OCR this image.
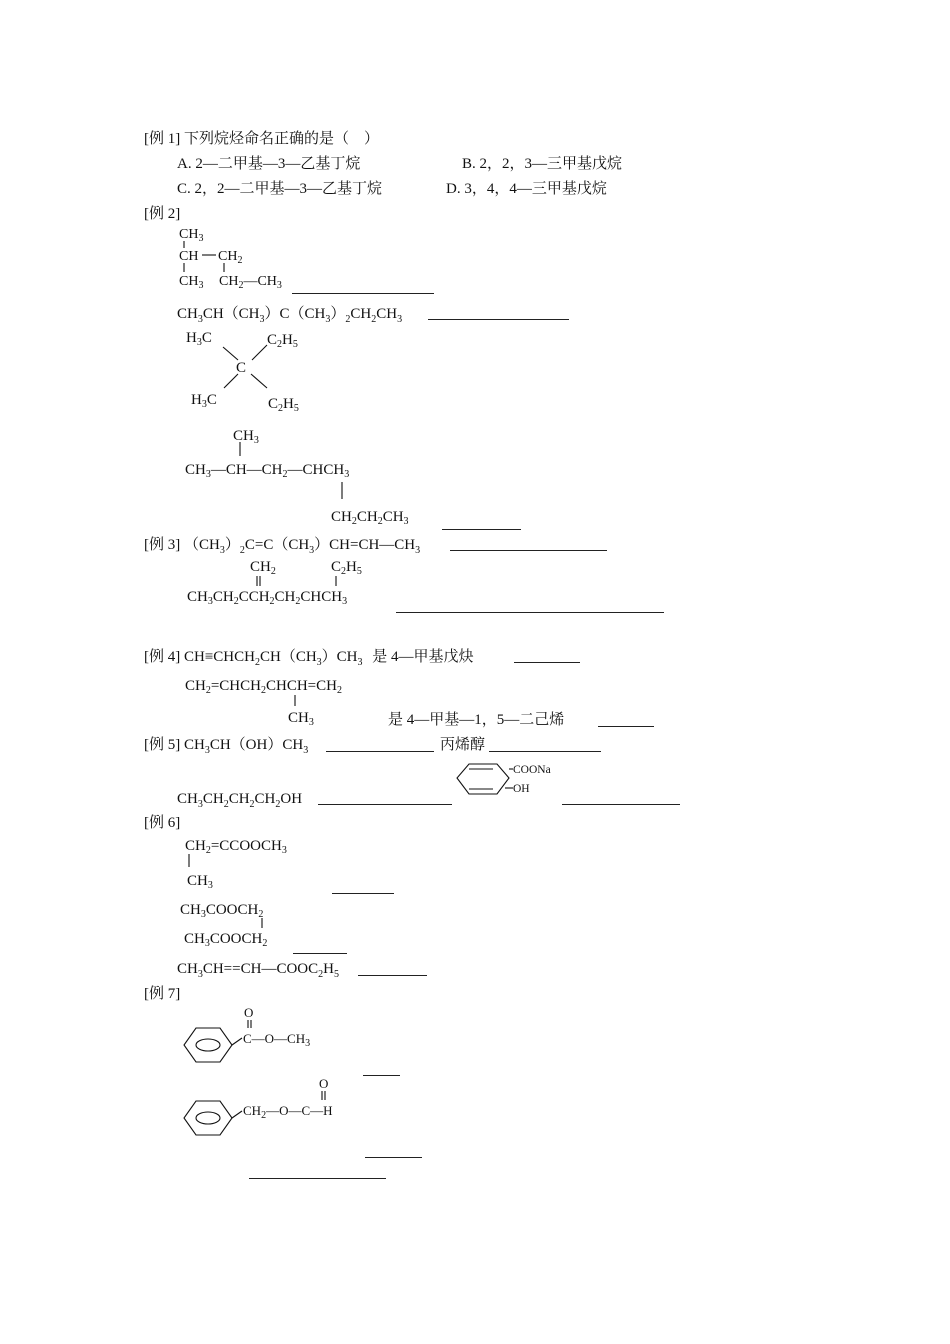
[例 1] 下列烷烃命名正确的是（　）
A. 2—二甲基—3—乙基丁烷	B. 2，2，3—三甲基戊烷
C. 2，2—二甲基—3—乙基丁烷	D. 3，4，4—三甲基戊烷
[例 2]
$CH_3$
CH $CH_2$
$CH_3$ $CH_2—CH_3$
$CH_3CH(CH_3)C(CH_3)_2CH_2CH_3$
$H_3C$	$C_2H_5$
C
$H_3C$	$C_2H_5$
$CH_3$
$CH_3—CH—CH_2—CHCH_3$
$CH_2CH_2CH_3$
[例 3] $(CH_3)_2C=C(CH_3)CH=CH—CH_3$
$CH_2$	$C_2H_5$
$CH_3CH_2CCH_2CH_2CHCH_3$
[例 4] $CH\equiv CHCH_2CH(CH_3)CH_3$ 是 4—甲基戊炔
$CH_2=CHCH_2CHCH=CH_2$
$CH_3$	是 4—甲基—1，5—二己烯
[例 5] $CH_3CH(OH)CH_3$	丙烯醇
COONa
OH
$CH_3CH_2CH_2CH_2OH$
[例 6]
$CH_2=CCOOCH_3$
$CH_3$
$CH_3COOCH_2$
$CH_3COOCH_2$
$CH_3CH==CH—COOC_2H_5$
[例 7]
O
$C—O—CH_3$
O
$CH_2—O—C—H$
